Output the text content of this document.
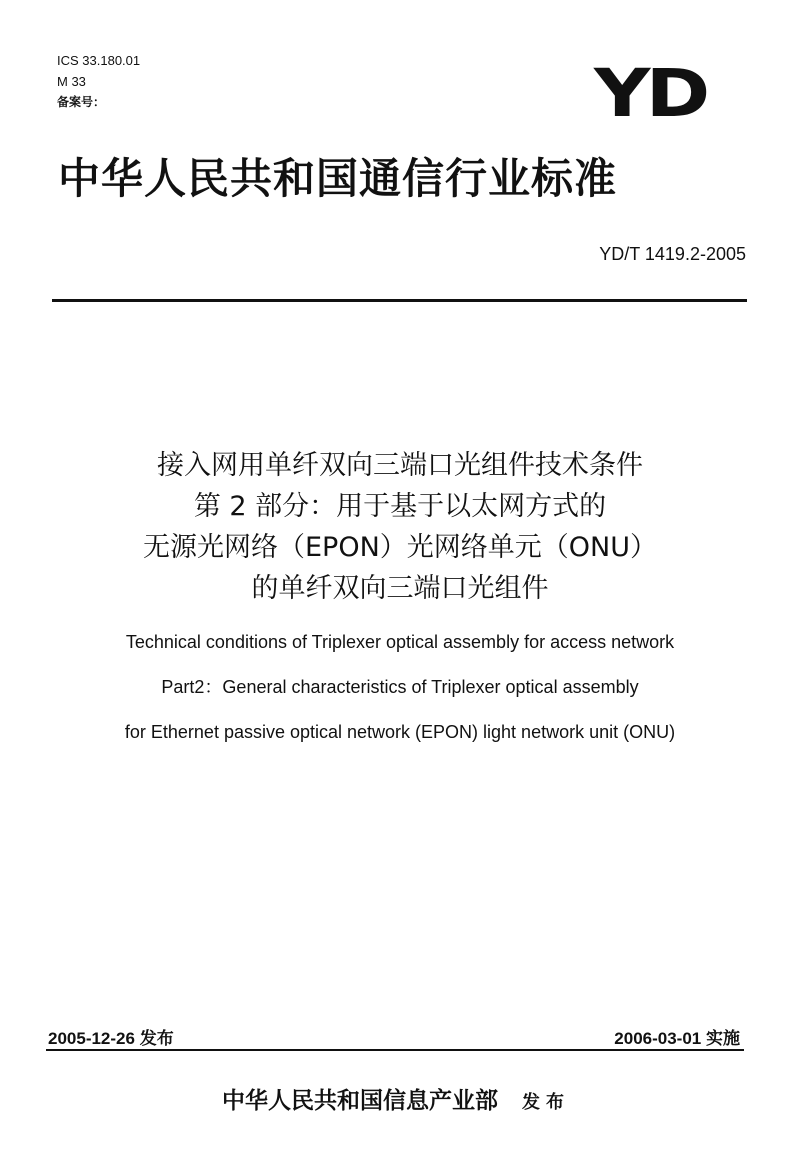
ICS 33.180.01
M 33
备案号：	YD
中华人民共和国通信行业标准
YD/T 1419.2-2005
接入网用单纤双向三端口光组件技术条件
第 2 部分：用于基于以太网方式的
无源光网络（EPON）光网络单元（ONU）
的单纤双向三端口光组件
Technical conditions of Triplexer optical assembly for access network
Part2：General characteristics of Triplexer optical assembly
for Ethernet passive optical network (EPON) light network unit (ONU)
2005-12-26 发布	2006-03-01 实施
中华人民共和国信息产业部 发布
